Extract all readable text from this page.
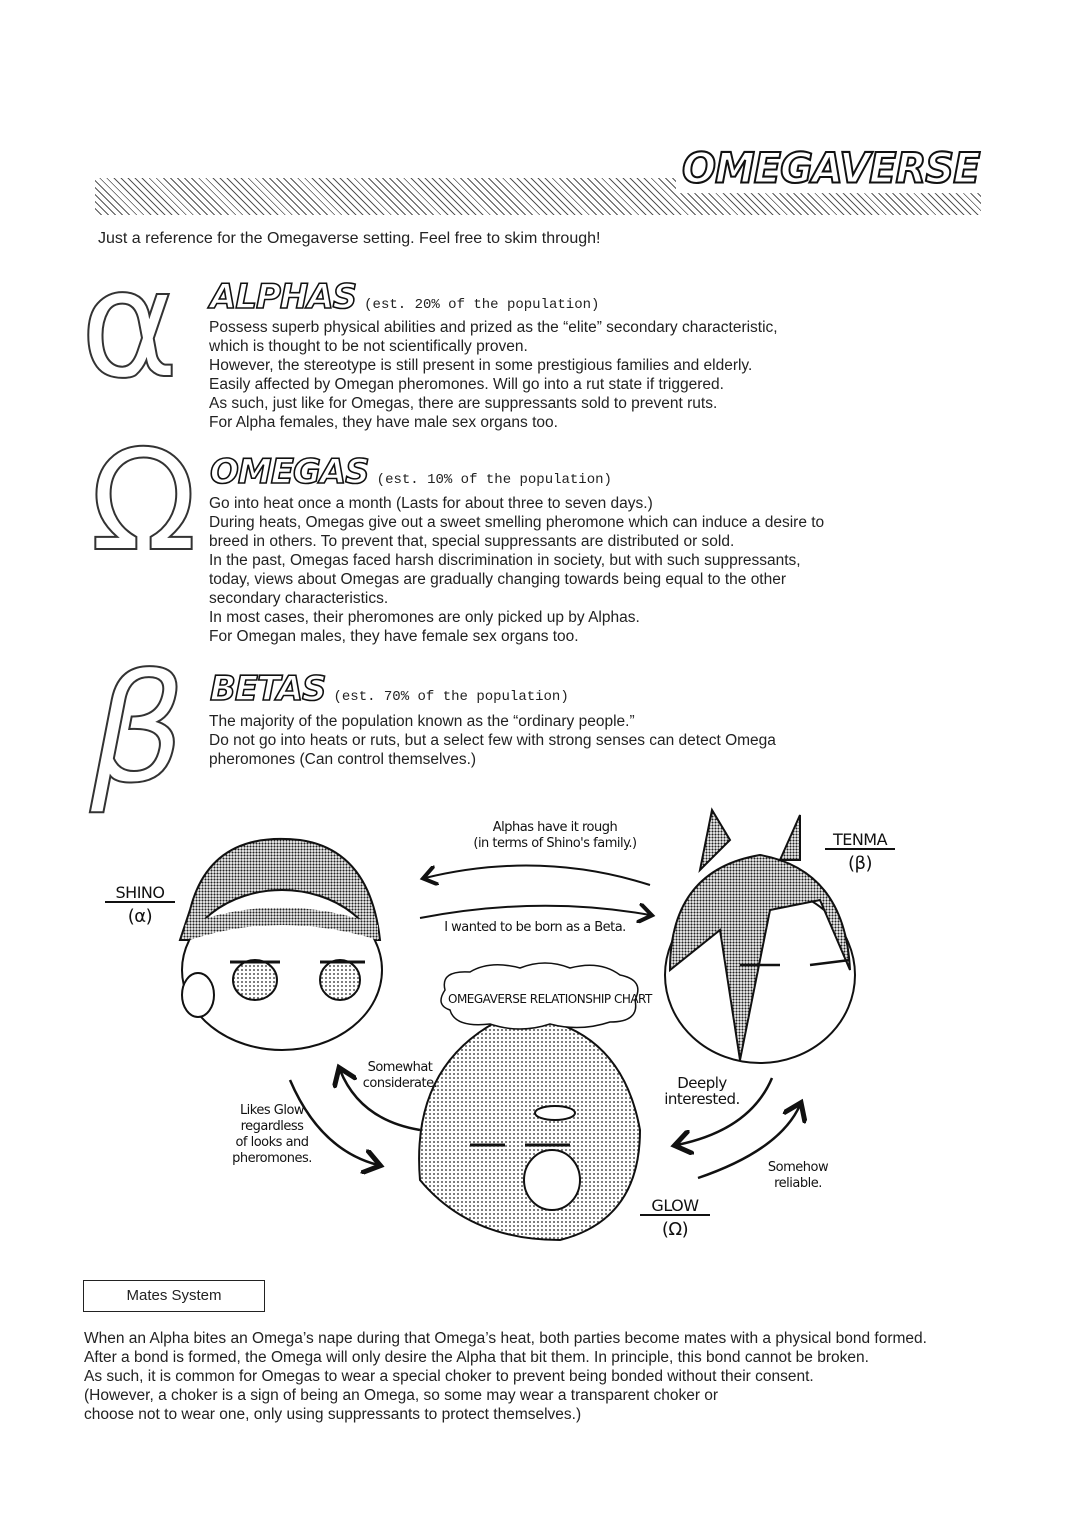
OMEGAVERSE
Just a reference for the Omegaverse setting. Feel free to skim through!
α ALPHAS (est. 20% of the population)
Possess superb physical abilities and prized as the “elite” secondary characteristic,
which is thought to be not scientifically proven.
However, the stereotype is still present in some prestigious families and elderly.
Easily affected by Omegan pheromones. Will go into a rut state if triggered.
As such, just like for Omegas, there are suppressants sold to prevent ruts.
For Alpha females, they have male sex organs too.
Ω OMEGAS (est. 10% of the population)
Go into heat once a month (Lasts for about three to seven days.)
During heats, Omegas give out a sweet smelling pheromone which can induce a desire to
breed in others. To prevent that, special suppressants are distributed or sold.
In the past, Omegas faced harsh discrimination in society, but with such suppressants,
today, views about Omegas are gradually changing towards being equal to the other
secondary characteristics.
In most cases, their pheromones are only picked up by Alphas.
For Omegan males, they have female sex organs too.
β BETAS (est. 70% of the population)
The majority of the population known as the “ordinary people.”
Do not go into heats or ruts, but a select few with strong senses can detect Omega
pheromones (Can control themselves.)
Alphas have it rough
(in terms of Shino's family.)
I wanted to be born as a Beta.
OMEGAVERSE RELATIONSHIP CHART
Somewhat
considerate.
Likes Glow
regardless
of looks and
pheromones.
Deeply
interested.
Somehow
reliable.
SHINO
(α)
TENMA
(β)
GLOW
(Ω)
Mates System
When an Alpha bites an Omega’s nape during that Omega’s heat, both parties become mates with a physical bond formed.
After a bond is formed, the Omega will only desire the Alpha that bit them. In principle, this bond cannot be broken.
As such, it is common for Omegas to wear a special choker to prevent being bonded without their consent.
(However, a choker is a sign of being an Omega, so some may wear a transparent choker or
choose not to wear one, only using suppressants to protect themselves.)
